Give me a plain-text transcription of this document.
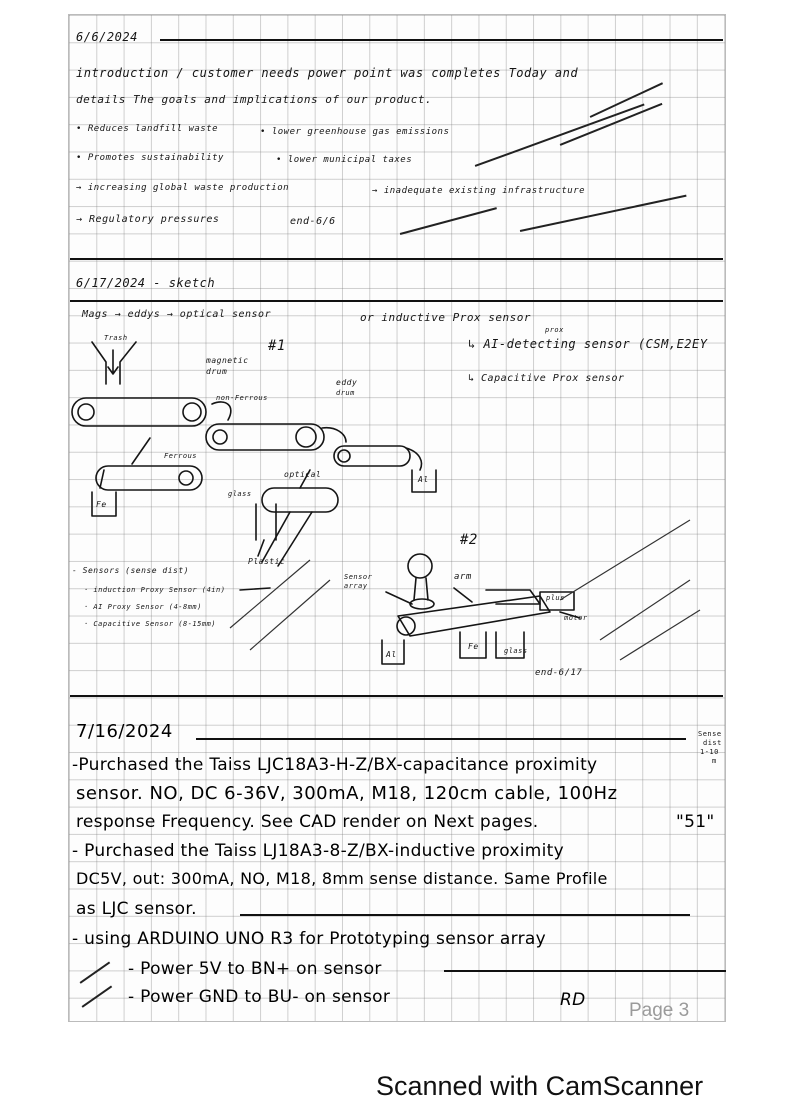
6/6/2024
introduction / customer needs power point was completes Today and
details The goals and implications of our product.
• Reduces landfill waste	• lower greenhouse gas emissions
• Promotes sustainability	• lower municipal taxes
→ increasing global waste production	→ inadequate existing infrastructure
→ Regulatory pressures	end-6/6
6/17/2024 - sketch
Mags → eddys → optical sensor	or inductive Prox sensor
prox
↳ AI-detecting sensor (CSM,E2EY
↳ Capacitive Prox sensor
#1
Trash
magnetic
drum
non-Ferrous
eddy
drum
Ferrous
optical
glass
Plastic
Fe
Al
#2
Sensor array
arm
motor
glass
plus
Al
Fe
- Sensors (sense dist)
· induction Proxy Sensor (4in)
· AI Proxy Sensor (4-8mm)
· Capacitive Sensor (8-15mm)
end-6/17
7/16/2024	Sense
dist
1-10
m
-Purchased the Taiss LJC18A3-H-Z/BX-capacitance proximity
sensor. NO, DC 6-36V, 300mA, M18, 120cm cable, 100Hz
response Frequency. See CAD render on Next pages.	"51"
- Purchased the Taiss LJ18A3-8-Z/BX-inductive proximity
DC5V, out: 300mA, NO, M18, 8mm sense distance. Same Profile
as LJC sensor.
- using ARDUINO UNO R3 for Prototyping sensor array
- Power 5V to BN+ on sensor
- Power GND to BU- on sensor	RD Page 3
Scanned with CamScanner
